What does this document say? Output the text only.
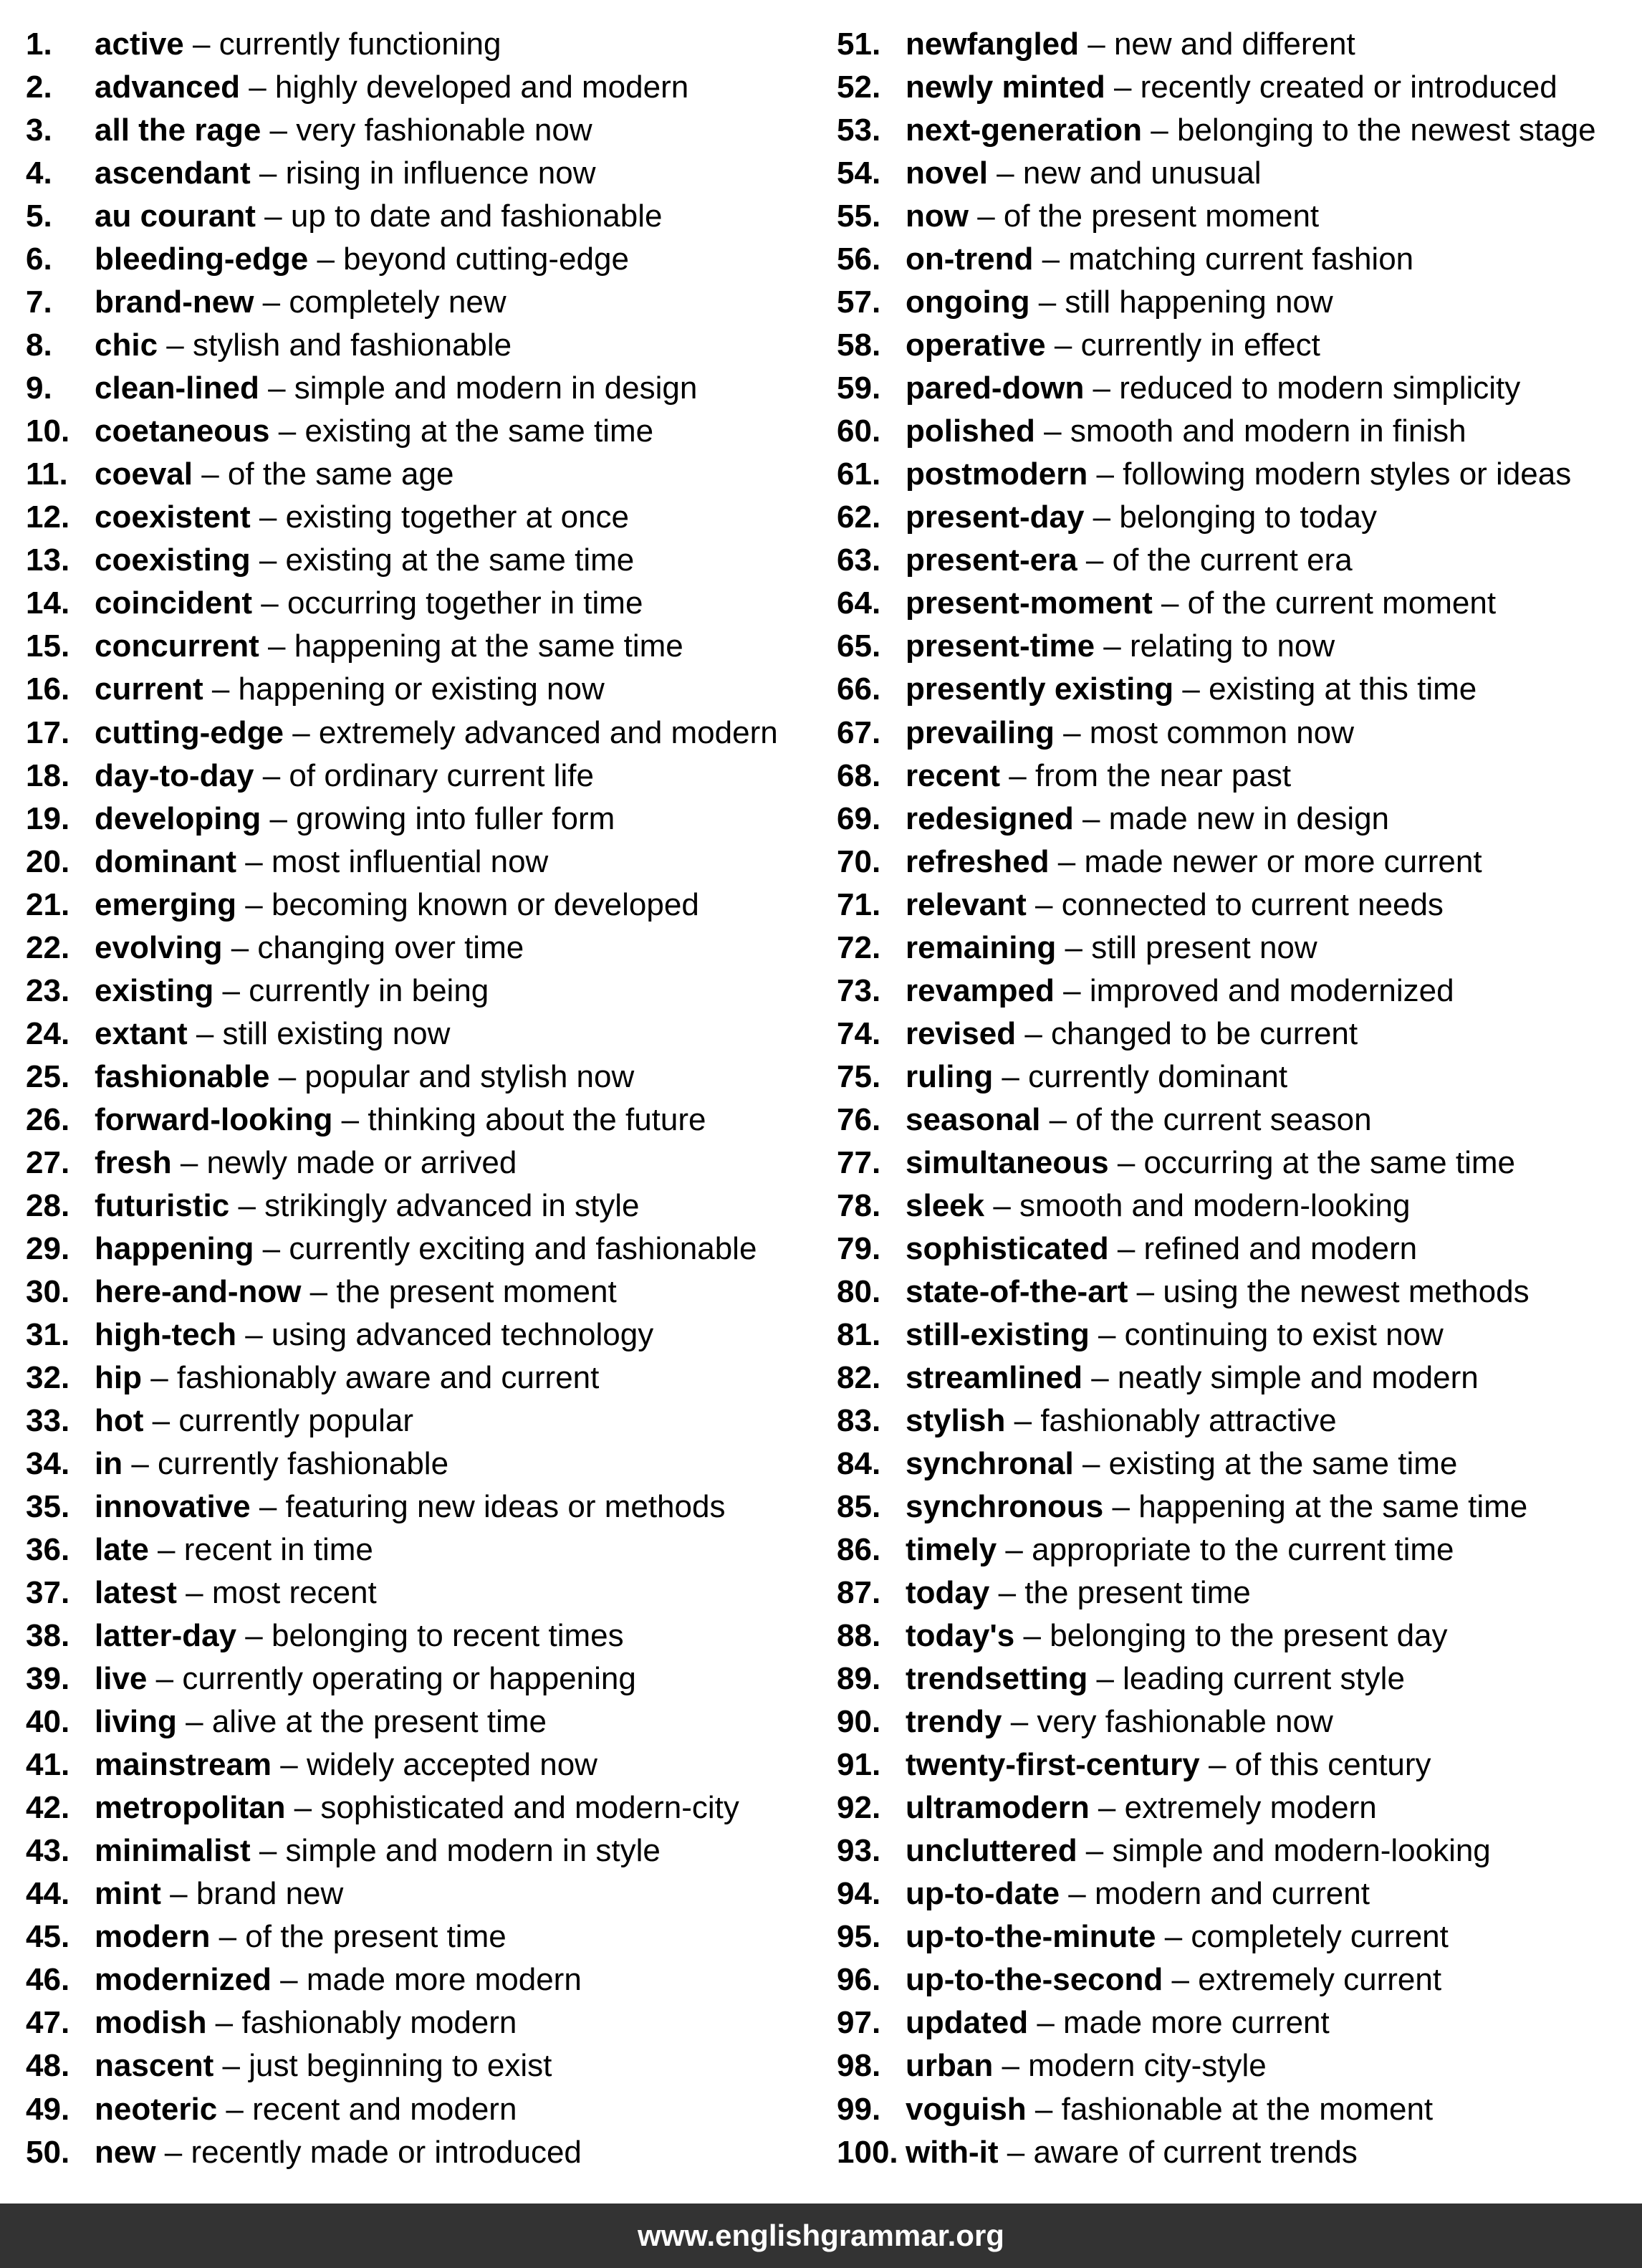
1.	active – currently functioning
2.	advanced – highly developed and modern
3.	all the rage – very fashionable now
4.	ascendant – rising in influence now
5.	au courant – up to date and fashionable
6.	bleeding-edge – beyond cutting-edge
7.	brand-new – completely new
8.	chic – stylish and fashionable
9.	clean-lined – simple and modern in design
10. coetaneous – existing at the same time
11. coeval – of the same age
12. coexistent – existing together at once
13. coexisting – existing at the same time
14. coincident – occurring together in time
15. concurrent – happening at the same time
16. current – happening or existing now
17. cutting-edge – extremely advanced and modern
18. day-to-day – of ordinary current life
19. developing – growing into fuller form
20. dominant – most influential now
21. emerging – becoming known or developed
22. evolving – changing over time
23. existing – currently in being
24. extant – still existing now
25. fashionable – popular and stylish now
26. forward-looking – thinking about the future
27. fresh – newly made or arrived
28. futuristic – strikingly advanced in style
29. happening – currently exciting and fashionable
30. here-and-now – the present moment
31. high-tech – using advanced technology
32. hip – fashionably aware and current
33. hot – currently popular
34. in – currently fashionable
35. innovative – featuring new ideas or methods
36. late – recent in time
37. latest – most recent
38. latter-day – belonging to recent times
39. live – currently operating or happening
40. living – alive at the present time
41. mainstream – widely accepted now
42. metropolitan – sophisticated and modern-city
43. minimalist – simple and modern in style
44. mint – brand new
45. modern – of the present time
46. modernized – made more modern
47. modish – fashionably modern
48. nascent – just beginning to exist
49. neoteric – recent and modern
50. new – recently made or introduced
51. newfangled – new and different
52. newly minted – recently created or introduced
53. next-generation – belonging to the newest stage
54. novel – new and unusual
55. now – of the present moment
56. on-trend – matching current fashion
57. ongoing – still happening now
58. operative – currently in effect
59. pared-down – reduced to modern simplicity
60. polished – smooth and modern in finish
61. postmodern – following modern styles or ideas
62. present-day – belonging to today
63. present-era – of the current era
64. present-moment – of the current moment
65. present-time – relating to now
66. presently existing – existing at this time
67. prevailing – most common now
68. recent – from the near past
69. redesigned – made new in design
70. refreshed – made newer or more current
71. relevant – connected to current needs
72. remaining – still present now
73. revamped – improved and modernized
74. revised – changed to be current
75. ruling – currently dominant
76. seasonal – of the current season
77. simultaneous – occurring at the same time
78. sleek – smooth and modern-looking
79. sophisticated – refined and modern
80. state-of-the-art – using the newest methods
81. still-existing – continuing to exist now
82. streamlined – neatly simple and modern
83. stylish – fashionably attractive
84. synchronal – existing at the same time
85. synchronous – happening at the same time
86. timely – appropriate to the current time
87. today – the present time
88. today's – belonging to the present day
89. trendsetting – leading current style
90. trendy – very fashionable now
91. twenty-first-century – of this century
92. ultramodern – extremely modern
93. uncluttered – simple and modern-looking
94. up-to-date – modern and current
95. up-to-the-minute – completely current
96. up-to-the-second – extremely current
97. updated – made more current
98. urban – modern city-style
99. voguish – fashionable at the moment
100. with-it – aware of current trends
www.englishgrammar.org
